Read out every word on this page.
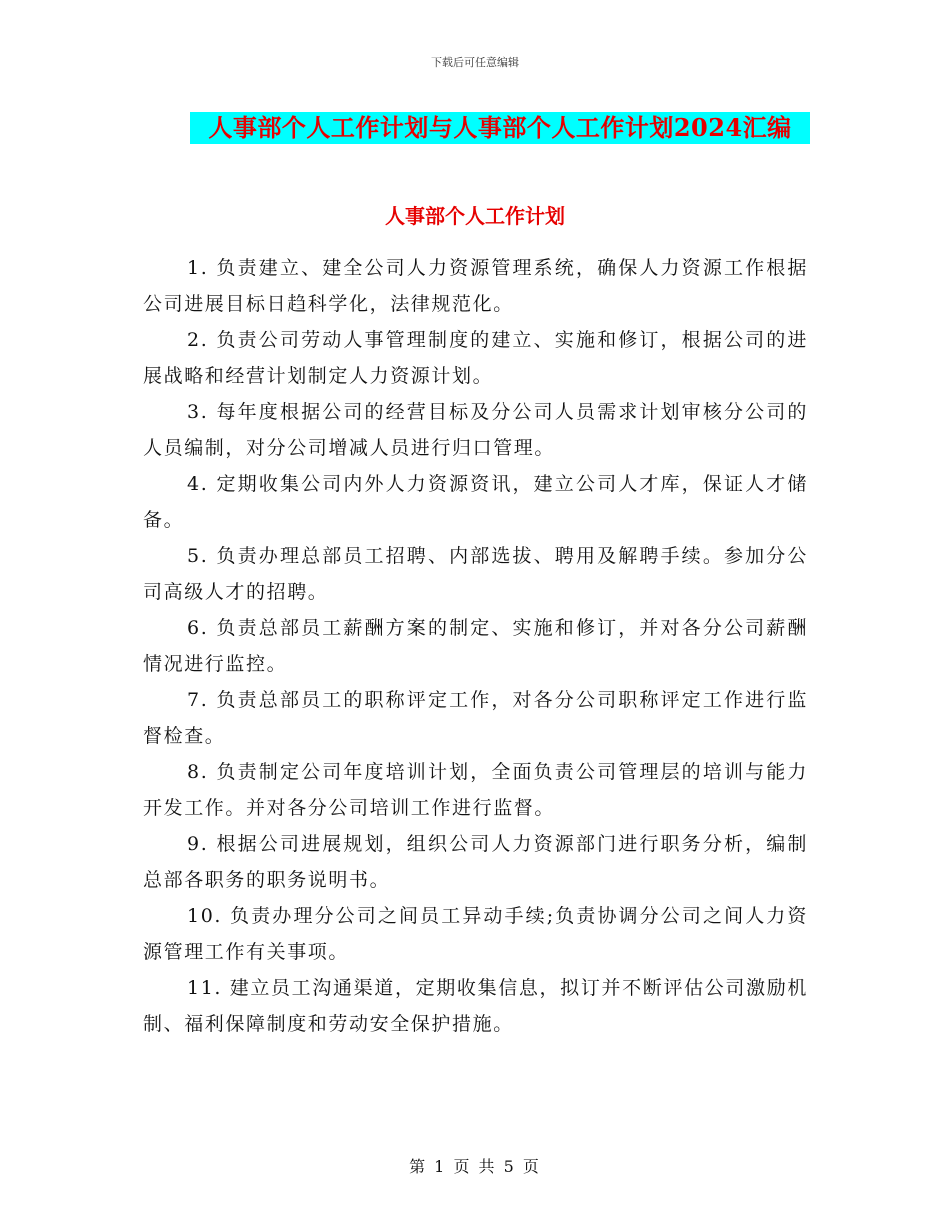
下载后可任意编辑
人事部个人工作计划与人事部个人工作计划2024汇编
人事部个人工作计划

1. 负责建立、建全公司人力资源管理系统，确保人力资源工作根据公司进展目标日趋科学化，法律规范化。

2. 负责公司劳动人事管理制度的建立、实施和修订，根据公司的进展战略和经营计划制定人力资源计划。

3. 每年度根据公司的经营目标及分公司人员需求计划审核分公司的人员编制，对分公司增减人员进行归口管理。

4. 定期收集公司内外人力资源资讯，建立公司人才库，保证人才储备。

5. 负责办理总部员工招聘、内部选拔、聘用及解聘手续。参加分公司高级人才的招聘。

6. 负责总部员工薪酬方案的制定、实施和修订，并对各分公司薪酬情况进行监控。

7. 负责总部员工的职称评定工作，对各分公司职称评定工作进行监督检查。

8. 负责制定公司年度培训计划，全面负责公司管理层的培训与能力开发工作。并对各分公司培训工作进行监督。

9. 根据公司进展规划，组织公司人力资源部门进行职务分析，编制总部各职务的职务说明书。

10. 负责办理分公司之间员工异动手续;负责协调分公司之间人力资源管理工作有关事项。

11. 建立员工沟通渠道，定期收集信息，拟订并不断评估公司激励机制、福利保障制度和劳动安全保护措施。

第 1 页 共 5 页
